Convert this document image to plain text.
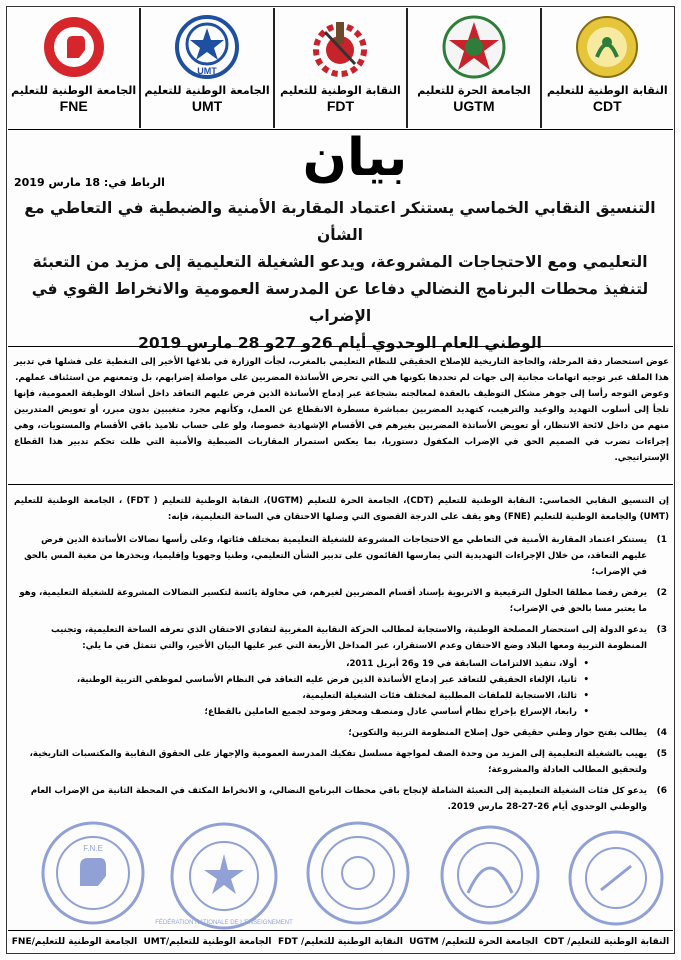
النقابة الوطنية للتعليم
CDT
الجامعة الحرة للتعليم
UGTM
النقابة الوطنية للتعليم
FDT
UMT
الجامعة الوطنية للتعليم
UMT
الجامعة الوطنية للتعليم
FNE
بيان
الرباط في: 18 مارس 2019
التنسيق النقابي الخماسي يستنكر اعتماد المقاربة الأمنية والضبطية في التعاطي مع الشأن
التعليمي ومع الاحتجاجات المشروعة، ويدعو الشغيلة التعليمية إلى مزيد من التعبئة
لتنفيذ محطات البرنامج النضالي دفاعا عن المدرسة العمومية والانخراط القوي في الإضراب
الوطني العام الوحدوي أيام 26و 27و 28 مارس 2019

عوض استحضار دقة المرحلة، والحاجة التاريخية للإصلاح الحقيقي للنظام التعليمي بالمغرب، لجأت الوزارة في بلاغها الأخير إلى التغطية على فشلها في تدبير هذا الملف عبر توجيه اتهامات مجانية إلى جهات لم تحددها بكونها هي التي تحرض الأساتذة المضربين على مواصلة إضرابهم، بل وتمعنهم من استئناف عملهم.

وعوض التوجه رأسا إلى جوهر مشكل التوظيف بالعقدة لمعالجته بشجاعة عبر إدماج الأساتذة الذين فرض عليهم التعاقد داخل أسلاك الوظيفة العمومية، فإنها تلجأ إلى أسلوب التهديد والوعيد والترهيب، كتهديد المضربين بمباشرة مسطرة الانقطاع عن العمل، وكأنهم مجرد متغيبين بدون مبرر، أو تعويض المتدربين منهم من داخل لائحة الانتظار، أو تعويض الأساتذة المضربين بغيرهم في الأقسام الإشهادية خصوصا، ولو على حساب تلاميذ باقي الأقسام والمستويات، وهي إجراءات تضرب في الصميم الحق في الإضراب المكفول دستوريا، بما يعكس استمرار المقاربات الضبطية والأمنية التي ظلت تحكم تدبير هذا القطاع الإستراتيجي.

إن التنسيق النقابي الخماسي: النقابة الوطنية للتعليم (CDT)، الجامعة الحرة للتعليم (UGTM)، النقابة الوطنية للتعليم ( FDT) ، الجامعة الوطنية للتعليم (UMT) والجامعة الوطنية للتعليم (FNE) وهو يقف على الدرجة القصوى التي وصلها الاحتقان في الساحة التعليمية، فإنه:
1)
يستنكر اعتماد المقاربة الأمنية في التعاطي مع الاحتجاجات المشروعة للشغيلة التعليمية بمختلف فئاتها، وعلى رأسها نضالات الأساتذة الذين فرض عليهم التعاقد، من خلال الإجراءات التهديدية التي يمارسها القائمون على تدبير الشأن التعليمي، وطنيا وجهويا وإقليميا، ويحذرها من مغبة المس بالحق في الإضراب؛
2)
يرفض رفضا مطلقا الحلول الترقيعية و الاتربوية بإسناد أقسام المضربين لغيرهم، في محاولة يائسة لتكسير النضالات المشروعة للشغيلة التعليمية، وهو ما يعتبر مسا بالحق في الإضراب؛
3)
يدعو الدولة إلى استحضار المصلحة الوطنية، والاستجابة لمطالب الحركة النقابية المغربية لتفادي الاحتقان الذي تعرفه الساحة التعليمية، وتجنيب المنظومة التربية ومعها البلاد وضع الاحتقان وعدم الاستقرار، عبر المداخل الأربعة التي عبر عليها البيان الأخير، والتي تتمثل في ما يلي:
• أولا، تنفيذ الالتزامات السابقة في 19 و26 أبريل 2011،
• ثانيا، الإلغاء الحقيقي للتعاقد عبر إدماج الأساتذة الذين فرض عليه التعاقد في النظام الأساسي لموظفي التربية الوطنية،
• ثالثا، الاستجابة للملفات المطلبية لمختلف فئات الشغيلة التعليمية،
• رابعا، الإسراع بإخراج نظام أساسي عادل ومنصف ومحفز وموحد لجميع العاملين بالقطاع؛
4)
يطالب بفتح حوار وطني حقيقي حول إصلاح المنظومة التربية والتكوين؛
5)
يهيب بالشغيلة التعليمية إلى المزيد من وحدة الصف لمواجهة مسلسل تفكيك المدرسة العمومية والإجهاز على الحقوق النقابية والمكتسبات التاريخية، ولتحقيق المطالب العادلة والمشروعة؛
6)
يدعو كل فئات الشغيلة التعليمية إلى التعبئة الشاملة لإنجاح باقي محطات البرنامج النضالي، و الانخراط المكثف في المحطة الثانية من الإضراب العام والوطني الوحدوي أيام 26-27-28 مارس 2019.
F.N.E
FÉDÉRATION NATIONALE DE L'ENSEIGNEMENT
النقابة الوطنية للتعليم/ CDT
الجامعة الحرة للتعليم/ UGTM
النقابة الوطنية للتعليم/ FDT
الجامعة الوطنية للتعليم/UMT
الجامعة الوطنية للتعليم/FNE
